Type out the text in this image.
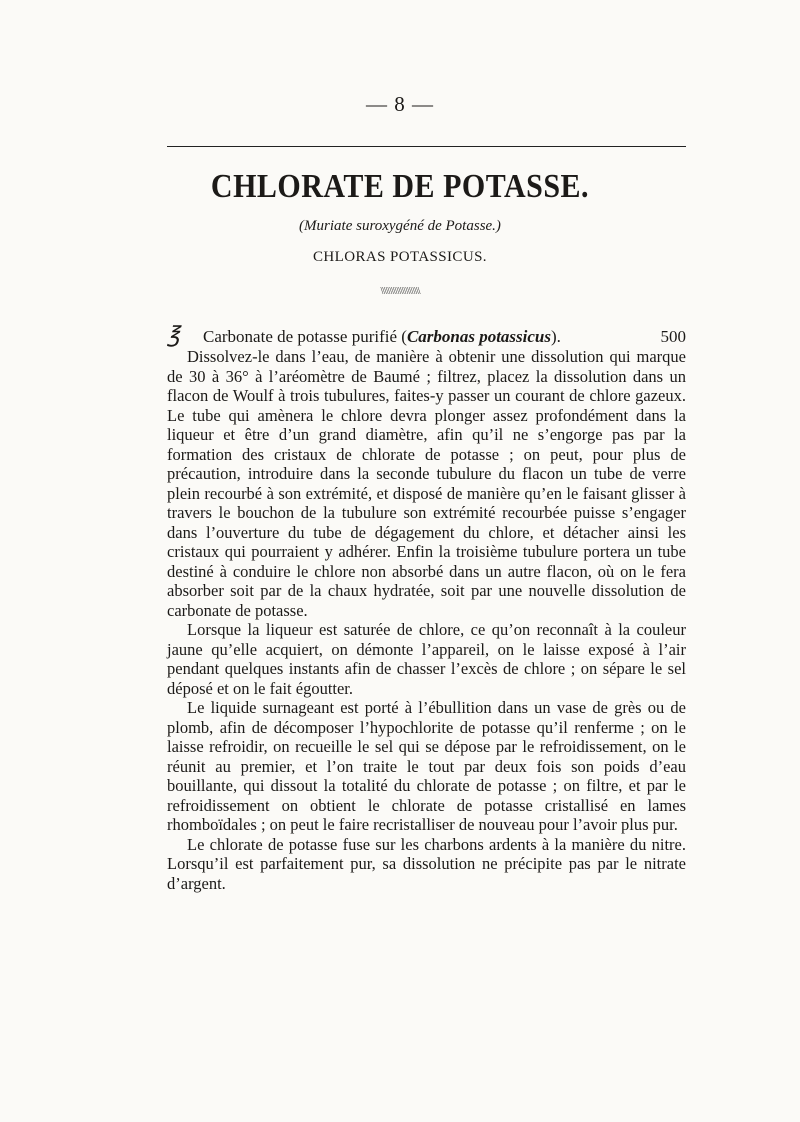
— 8 —
CHLORATE DE POTASSE.
(Muriate suroxygéné de Potasse.)
CHLORAS POTASSICUS.
\\\\\\\\\\\\\\\\\\\\\\
℥	Carbonate de potasse purifié (Carbonas potassicus).	500

Dissolvez-le dans l’eau, de manière à obtenir une dissolution qui marque de 30 à 36° à l’aréomètre de Baumé ; filtrez, placez la dissolution dans un flacon de Woulf à trois tubulures, faites-y passer un courant de chlore gazeux. Le tube qui amènera le chlore devra plonger assez profondément dans la liqueur et être d’un grand diamètre, afin qu’il ne s’engorge pas par la formation des cristaux de chlorate de potasse ; on peut, pour plus de précaution, introduire dans la seconde tubulure du flacon un tube de verre plein recourbé à son extrémité, et disposé de manière qu’en le faisant glisser à travers le bouchon de la tubulure son extrémité recourbée puisse s’engager dans l’ouverture du tube de dégagement du chlore, et détacher ainsi les cristaux qui pourraient y adhérer. Enfin la troisième tubulure portera un tube destiné à conduire le chlore non absorbé dans un autre flacon, où on le fera absorber soit par de la chaux hydratée, soit par une nouvelle dissolution de carbonate de potasse.

Lorsque la liqueur est saturée de chlore, ce qu’on reconnaît à la couleur jaune qu’elle acquiert, on démonte l’appareil, on le laisse exposé à l’air pendant quelques instants afin de chasser l’excès de chlore ; on sépare le sel déposé et on le fait égoutter.

Le liquide surnageant est porté à l’ébullition dans un vase de grès ou de plomb, afin de décomposer l’hypochlorite de potasse qu’il renferme ; on le laisse refroidir, on recueille le sel qui se dépose par le refroidissement, on le réunit au premier, et l’on traite le tout par deux fois son poids d’eau bouillante, qui dissout la totalité du chlorate de potasse ; on filtre, et par le refroidissement on obtient le chlorate de potasse cristallisé en lames rhomboïdales ; on peut le faire recristalliser de nouveau pour l’avoir plus pur.

Le chlorate de potasse fuse sur les charbons ardents à la manière du nitre. Lorsqu’il est parfaitement pur, sa dissolution ne précipite pas par le nitrate d’argent.
